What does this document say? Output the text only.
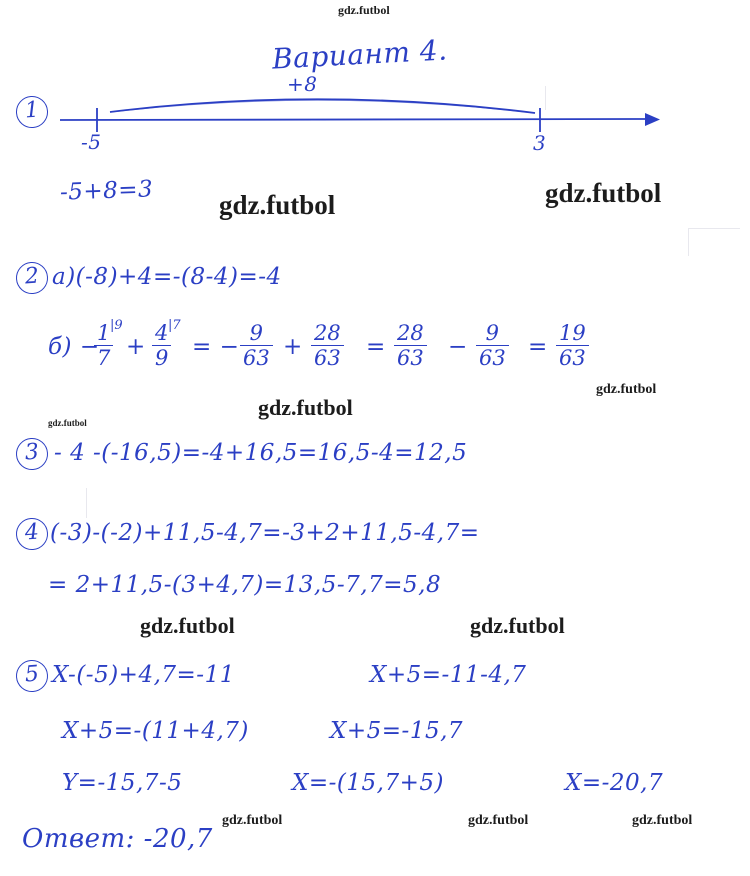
gdz.futbol
Вариант 4.
1
+8
-5	3
-5+8=3 gdz.futbol	gdz.futbol
2 а)(-8)+4=-(8-4)=-4
б) −
1
7
|9
+
4
9
|7
= −
9
63 +
28
63 =
28
63 −
9
63 =
19
63
gdz.futbol
gdz.futbol
gdz.futbol
3 - 4 -(-16,5)=-4+16,5=16,5-4=12,5
4 (-3)-(-2)+11,5-4,7=-3+2+11,5-4,7=
= 2+11,5-(3+4,7)=13,5-7,7=5,8
gdz.futbol	gdz.futbol
5 X-(-5)+4,7=-11	X+5=-11-4,7
X+5=-(11+4,7)	X+5=-15,7
Y=-15,7-5	X=-(15,7+5)	X=-20,7
Ответ: -20,7
gdz.futbol	gdz.futbol	gdz.futbol
